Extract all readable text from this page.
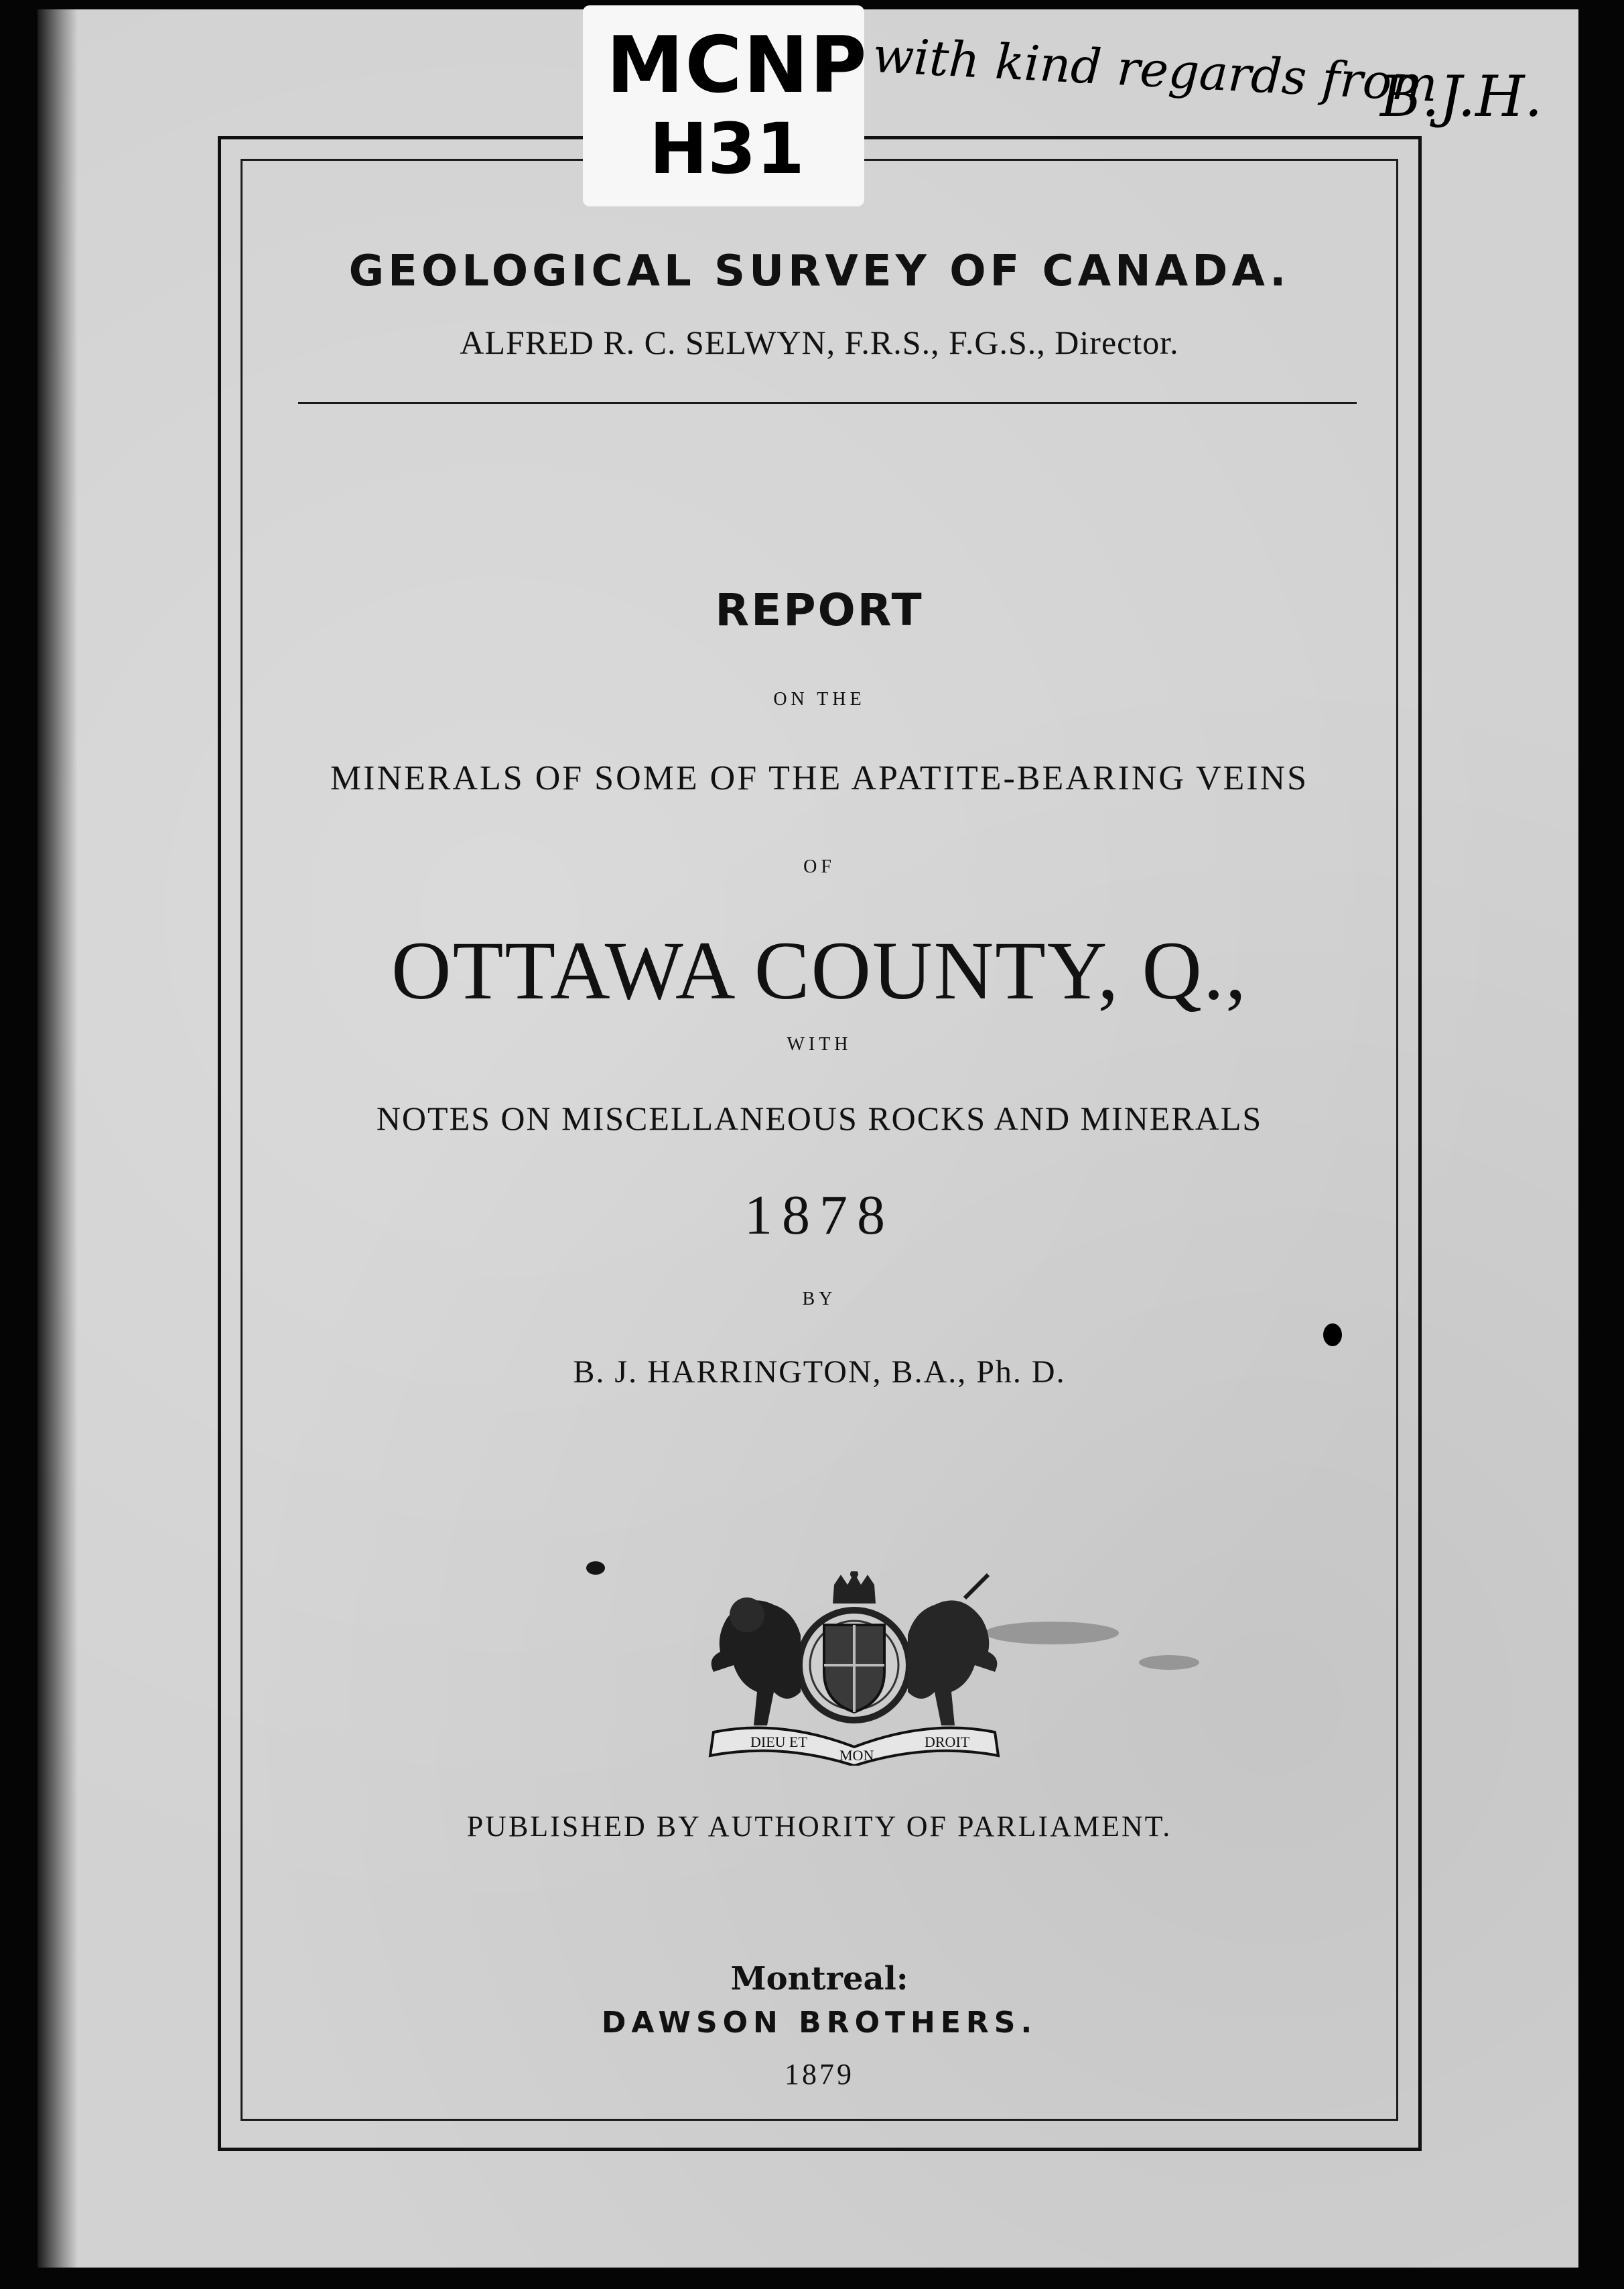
MCNP
H31
with kind regards from
B.J.H.
GEOLOGICAL SURVEY OF CANADA.
ALFRED R. C. SELWYN, F.R.S., F.G.S., Director.
REPORT
ON THE
MINERALS OF SOME OF THE APATITE-BEARING VEINS
OF
OTTAWA COUNTY, Q.,
WITH
NOTES ON MISCELLANEOUS ROCKS AND MINERALS
1878
BY
B. J. HARRINGTON, B.A., Ph. D.
DIEU ET
MON
DROIT
PUBLISHED BY AUTHORITY OF PARLIAMENT.
Montreal:
DAWSON BROTHERS.
1879
